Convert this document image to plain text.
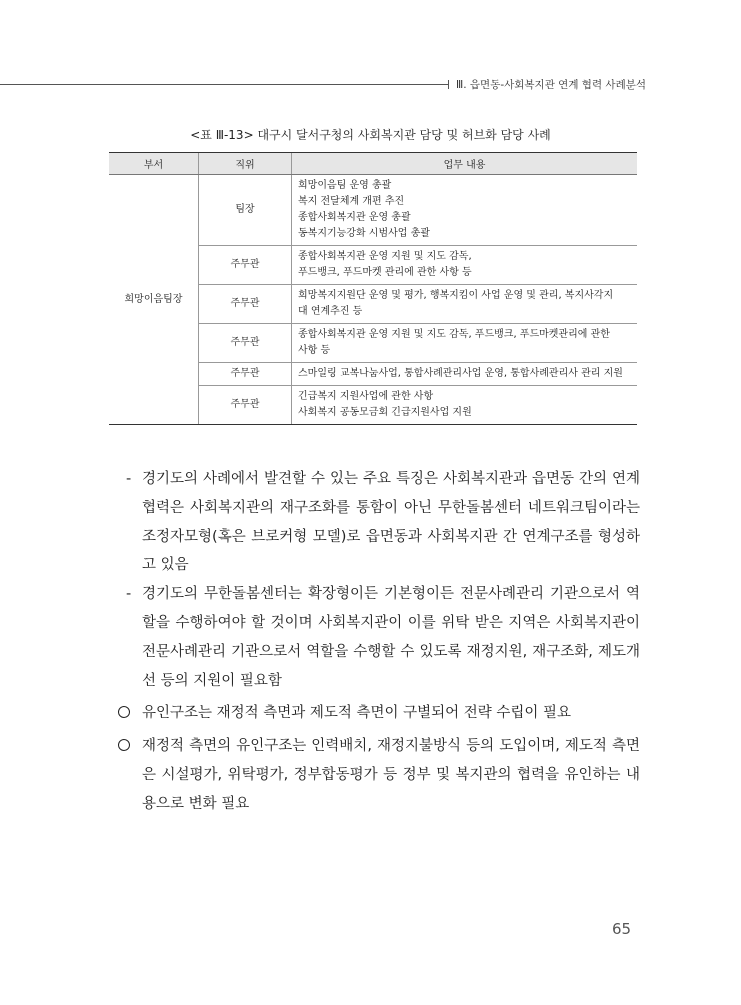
Ⅲ. 읍면동-사회복지관 연계 협력 사례분석
<표 Ⅲ-13> 대구시 달서구청의 사회복지관 담당 및 허브화 담당 사례
부서	직위	업무 내용
희망이음팀장	팀장	희망이음팀 운영 총괄
복지 전달체계 개편 추진
종합사회복지관 운영 총괄
동복지기능강화 시범사업 총괄

	주무관	종합사회복지관 운영 지원 및 지도 감독,
푸드뱅크, 푸드마켓 관리에 관한 사항 등

	주무관	희망복지지원단 운영 및 평가, 행복지킴이 사업 운영 및 관리, 복지사각지
대 연계추진 등

	주무관	종합사회복지관 운영 지원 및 지도 감독, 푸드뱅크, 푸드마켓관리에 관한
사항 등

	주무관	스마일링 교복나눔사업, 통합사례관리사업 운영, 통합사례관리사 관리 지원

	주무관	긴급복지 지원사업에 관한 사항
사회복지 공동모금회 긴급지원사업 지원
- 경기도의 사례에서 발견할 수 있는 주요 특징은 사회복지관과 읍면동 간의 연계협력은 사회복지관의 재구조화를 통함이 아닌 무한돌봄센터 네트워크팀이라는 조정자모형(혹은 브로커형 모델)로 읍면동과 사회복지관 간 연계구조를 형성하고 있음
- 경기도의 무한돌봄센터는 확장형이든 기본형이든 전문사례관리 기관으로서 역할을 수행하여야 할 것이며 사회복지관이 이를 위탁 받은 지역은 사회복지관이 전문사례관리 기관으로서 역할을 수행할 수 있도록 재정지원, 재구조화, 제도개선 등의 지원이 필요함
유인구조는 재정적 측면과 제도적 측면이 구별되어 전략 수립이 필요
재정적 측면의 유인구조는 인력배치, 재정지불방식 등의 도입이며, 제도적 측면은 시설평가, 위탁평가, 정부합동평가 등 정부 및 복지관의 협력을 유인하는 내용으로 변화 필요
65
